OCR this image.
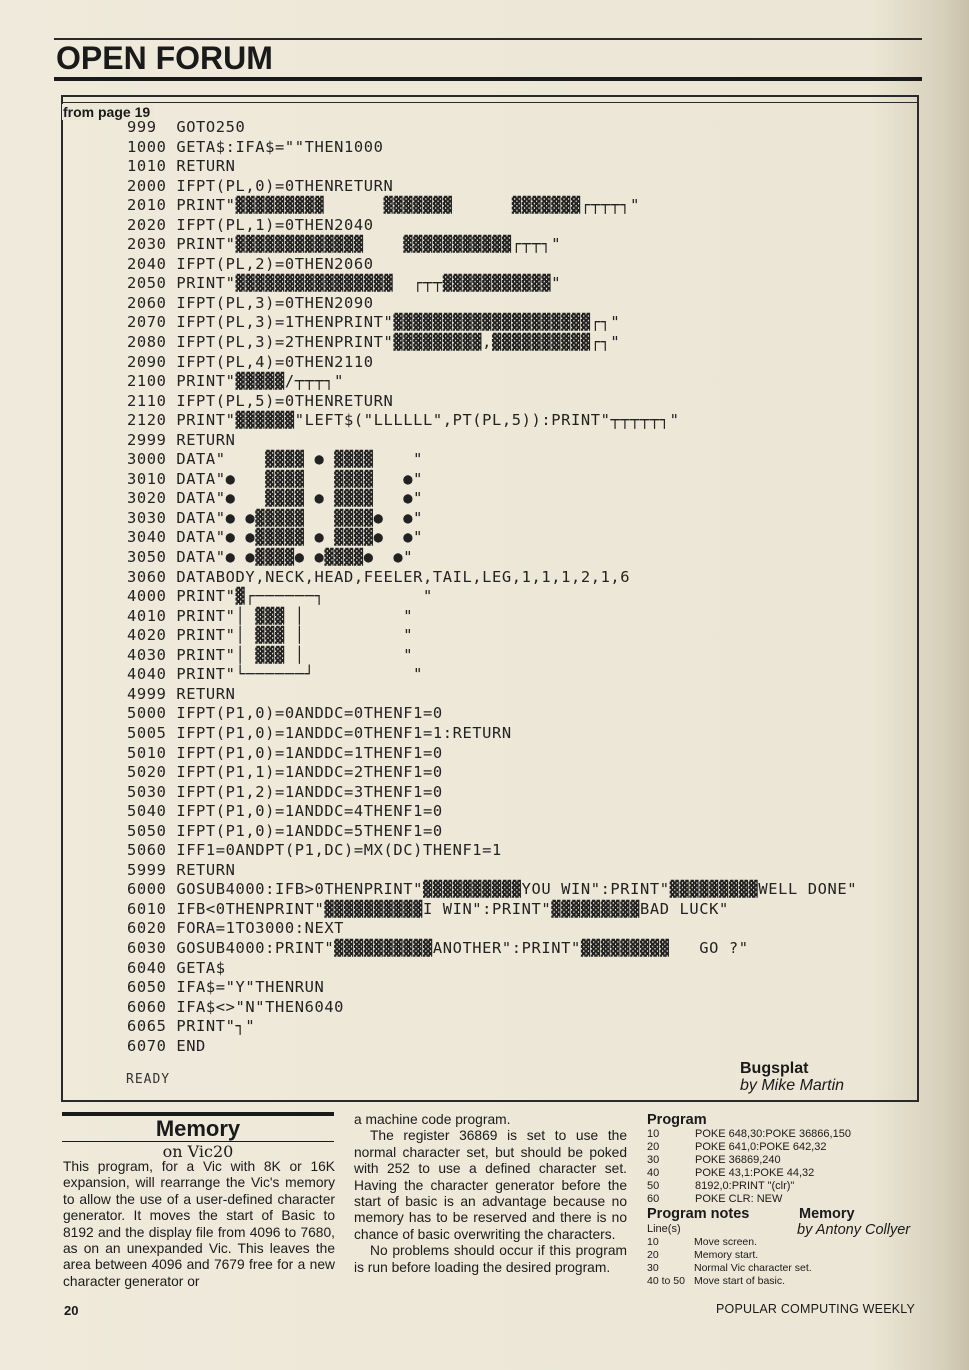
OPEN FORUM
from page 19
999  GOTO250
1000 GETA$:IFA$=""THEN1000
1010 RETURN
2000 IFPT(PL,0)=0THENRETURN
2010 PRINT"▓▓▓▓▓▓▓▓▓      ▓▓▓▓▓▓▓      ▓▓▓▓▓▓▓┌┬┬┬┐"
2020 IFPT(PL,1)=0THEN2040
2030 PRINT"▓▓▓▓▓▓▓▓▓▓▓▓▓    ▓▓▓▓▓▓▓▓▓▓▓┌┬┬┐"
2040 IFPT(PL,2)=0THEN2060
2050 PRINT"▓▓▓▓▓▓▓▓▓▓▓▓▓▓▓▓  ┌┬┬▓▓▓▓▓▓▓▓▓▓▓"
2060 IFPT(PL,3)=0THEN2090
2070 IFPT(PL,3)=1THENPRINT"▓▓▓▓▓▓▓▓▓▓▓▓▓▓▓▓▓▓▓▓┌┐"
2080 IFPT(PL,3)=2THENPRINT"▓▓▓▓▓▓▓▓▓,▓▓▓▓▓▓▓▓▓▓┌┐"
2090 IFPT(PL,4)=0THEN2110
2100 PRINT"▓▓▓▓▓/┬┬┬┐"
2110 IFPT(PL,5)=0THENRETURN
2120 PRINT"▓▓▓▓▓▓"LEFT$("LLLLLL",PT(PL,5)):PRINT"┬┬┬┬┬┐"
2999 RETURN
3000 DATA"    ▓▓▓▓ ● ▓▓▓▓    "
3010 DATA"●   ▓▓▓▓   ▓▓▓▓   ●"
3020 DATA"●   ▓▓▓▓ ● ▓▓▓▓   ●"
3030 DATA"● ●▓▓▓▓▓   ▓▓▓▓●  ●"
3040 DATA"● ●▓▓▓▓▓ ● ▓▓▓▓●  ●"
3050 DATA"● ●▓▓▓▓● ●▓▓▓▓●  ●"
3060 DATABODY,NECK,HEAD,FEELER,TAIL,LEG,1,1,1,2,1,6
4000 PRINT"▓┌──────┐          "
4010 PRINT"│ ▓▓▓ │          "
4020 PRINT"│ ▓▓▓ │          "
4030 PRINT"│ ▓▓▓ │          "
4040 PRINT"└──────┘          "
4999 RETURN
5000 IFPT(P1,0)=0ANDDC=0THENF1=0
5005 IFPT(P1,0)=1ANDDC=0THENF1=1:RETURN
5010 IFPT(P1,0)=1ANDDC=1THENF1=0
5020 IFPT(P1,1)=1ANDDC=2THENF1=0
5030 IFPT(P1,2)=1ANDDC=3THENF1=0
5040 IFPT(P1,0)=1ANDDC=4THENF1=0
5050 IFPT(P1,0)=1ANDDC=5THENF1=0
5060 IFF1=0ANDPT(P1,DC)=MX(DC)THENF1=1
5999 RETURN
6000 GOSUB4000:IFB>0THENPRINT"▓▓▓▓▓▓▓▓▓▓YOU WIN":PRINT"▓▓▓▓▓▓▓▓▓WELL DONE"
6010 IFB<0THENPRINT"▓▓▓▓▓▓▓▓▓▓I WIN":PRINT"▓▓▓▓▓▓▓▓▓BAD LUCK"
6020 FORA=1TO3000:NEXT
6030 GOSUB4000:PRINT"▓▓▓▓▓▓▓▓▓▓ANOTHER":PRINT"▓▓▓▓▓▓▓▓▓   GO ?"
6040 GETA$
6050 IFA$="Y"THENRUN
6060 IFA$<>"N"THEN6040
6065 PRINT"┐"
6070 END
READY
Bugsplat
by Mike Martin
Memory
on Vic20
This program, for a Vic with 8K or 16K expansion, will rearrange the Vic's memory to allow the use of a user-defined character generator. It moves the start of Basic to 8192 and the display file from 4096 to 7680, as on an unexpanded Vic. This leaves the area between 4096 and 7679 free for a new character generator or

a machine code program.

The register 36869 is set to use the normal character set, but should be poked with 252 to use a defined character set. Having the character generator before the start of basic is an advantage because no memory has to be reserved and there is no chance of basic overwriting the characters.

No problems should occur if this program is run before loading the desired program.

Program
10	POKE 648,30:POKE 36866,150
20	POKE 641,0:POKE 642,32
30	POKE 36869,240
40	POKE 43,1:POKE 44,32
50	8192,0:PRINT "(clr)"
60	POKE CLR: NEW
Program notes	Memory
by Antony Collyer
Line(s)
10	Move screen.
20	Memory start.
30	Normal Vic character set.
40 to 50 Move start of basic.
20	POPULAR COMPUTING WEEKLY
